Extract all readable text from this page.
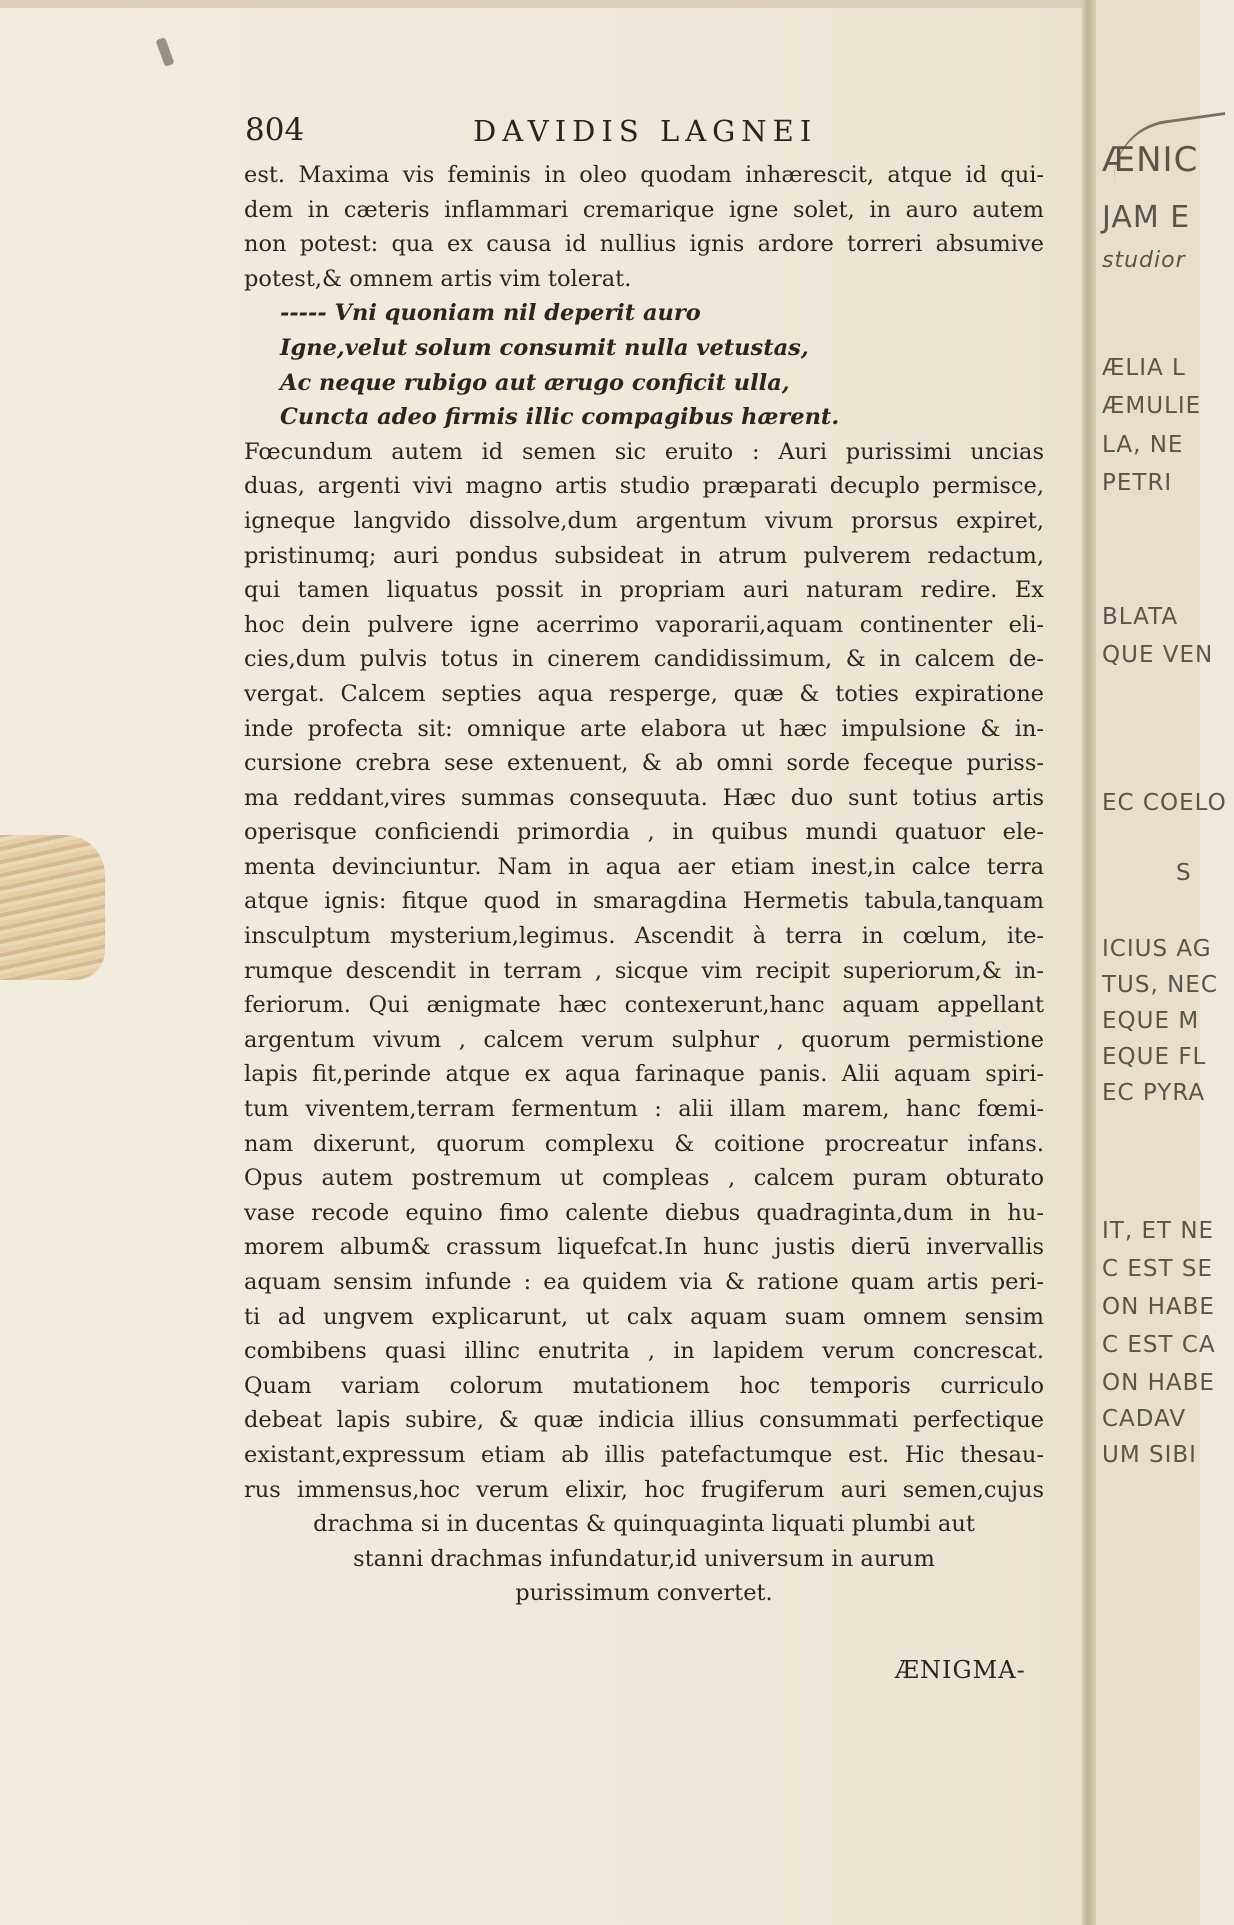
804	DAVIDIS LAGNEI
est. Maxima vis feminis in oleo quodam inhærescit, atque id qui-
dem in cæteris inflammari cremarique igne solet, in auro autem
non potest: qua ex causa id nullius ignis ardore torreri absumive
potest,& omnem artis vim tolerat.
----- Vni quoniam nil deperit auro
Igne,velut solum consumit nulla vetustas,
Ac neque rubigo aut ærugo conficit ulla,
Cuncta adeo firmis illic compagibus hærent.
Fœcundum autem id semen sic eruito : Auri purissimi uncias
duas, argenti vivi magno artis studio præparati decuplo permisce,
igneque langvido dissolve,dum argentum vivum prorsus expiret,
pristinumq; auri pondus subsideat in atrum pulverem redactum,
qui tamen liquatus possit in propriam auri naturam redire. Ex
hoc dein pulvere igne acerrimo vaporarii,aquam continenter eli-
cies,dum pulvis totus in cinerem candidissimum, & in calcem de-
vergat. Calcem septies aqua resperge, quæ & toties expiratione
inde profecta sit: omnique arte elabora ut hæc impulsione & in-
cursione crebra sese extenuent, & ab omni sorde feceque puriss-
ma reddant,vires summas consequuta. Hæc duo sunt totius artis
operisque conficiendi primordia , in quibus mundi quatuor ele-
menta devinciuntur. Nam in aqua aer etiam inest,in calce terra
atque ignis: fitque quod in smaragdina Hermetis tabula,tanquam
insculptum mysterium,legimus. Ascendit à terra in cœlum, ite-
rumque descendit in terram , sicque vim recipit superiorum,& in-
feriorum. Qui ænigmate hæc contexerunt,hanc aquam appellant
argentum vivum , calcem verum sulphur , quorum permistione
lapis fit,perinde atque ex aqua farinaque panis. Alii aquam spiri-
tum viventem,terram fermentum : alii illam marem, hanc fœmi-
nam dixerunt, quorum complexu & coitione procreatur infans.
Opus autem postremum ut compleas , calcem puram obturato
vase recode equino fimo calente diebus quadraginta,dum in hu-
morem album& crassum liquefcat.In hunc justis dierū invervallis
aquam sensim infunde : ea quidem via & ratione quam artis peri-
ti ad ungvem explicarunt, ut calx aquam suam omnem sensim
combibens quasi illinc enutrita , in lapidem verum concrescat.
Quam variam colorum mutationem hoc temporis curriculo
debeat lapis subire, & quæ indicia illius consummati perfectique
existant,expressum etiam ab illis patefactumque est. Hic thesau-
rus immensus,hoc verum elixir, hoc frugiferum auri semen,cujus
drachma si in ducentas & quinquaginta liquati plumbi aut
stanni drachmas infundatur,id universum in aurum
purissimum convertet.
ÆNIGMA-
ÆNIC
JAM E
studior
ÆLIA L
ÆMULIE
LA, NE
PETRI
BLATA
QUE VEN
EC COELO
S
ICIUS AG
TUS, NEC
EQUE M
EQUE FL
EC PYRA
IT, ET NE
C EST SE
ON HABE
C EST CA
ON HABE
CADAV
UM SIBI
